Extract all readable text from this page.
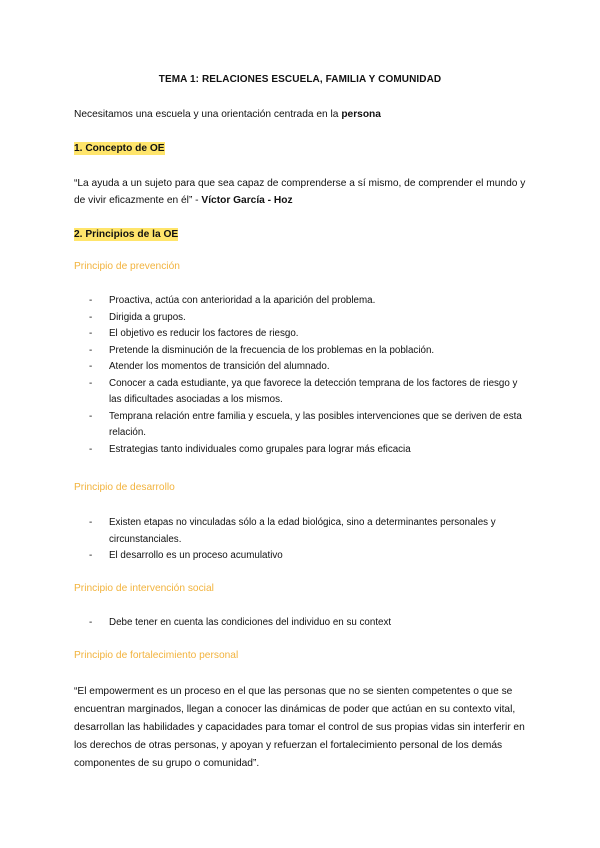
TEMA 1: RELACIONES ESCUELA, FAMILIA Y COMUNIDAD

Necesitamos una escuela y una orientación centrada en la persona

1. Concepto de OE

“La ayuda a un sujeto para que sea capaz de comprenderse a sí mismo, de comprender el mundo y de vivir eficazmente en él” - Víctor García - Hoz

2. Principios de la OE

Principio de prevención
- Proactiva, actúa con anterioridad a la aparición del problema.
- Dirigida a grupos.
- El objetivo es reducir los factores de riesgo.
- Pretende la disminución de la frecuencia de los problemas en la población.
- Atender los momentos de transición del alumnado.
- Conocer a cada estudiante, ya que favorece la detección temprana de los factores de riesgo y las dificultades asociadas a los mismos.
- Temprana relación entre familia y escuela, y las posibles intervenciones que se deriven de esta relación.
- Estrategias tanto individuales como grupales para lograr más eficacia
Principio de desarrollo
- Existen etapas no vinculadas sólo a la edad biológica, sino a determinantes personales y circunstanciales.
- El desarrollo es un proceso acumulativo
Principio de intervención social
- Debe tener en cuenta las condiciones del individuo en su context
Principio de fortalecimiento personal

“El empowerment es un proceso en el que las personas que no se sienten competentes o que se encuentran marginados, llegan a conocer las dinámicas de poder que actúan en su contexto vital, desarrollan las habilidades y capacidades para tomar el control de sus propias vidas sin interferir en los derechos de otras personas, y apoyan y refuerzan el fortalecimiento personal de los demás componentes de su grupo o comunidad”.
